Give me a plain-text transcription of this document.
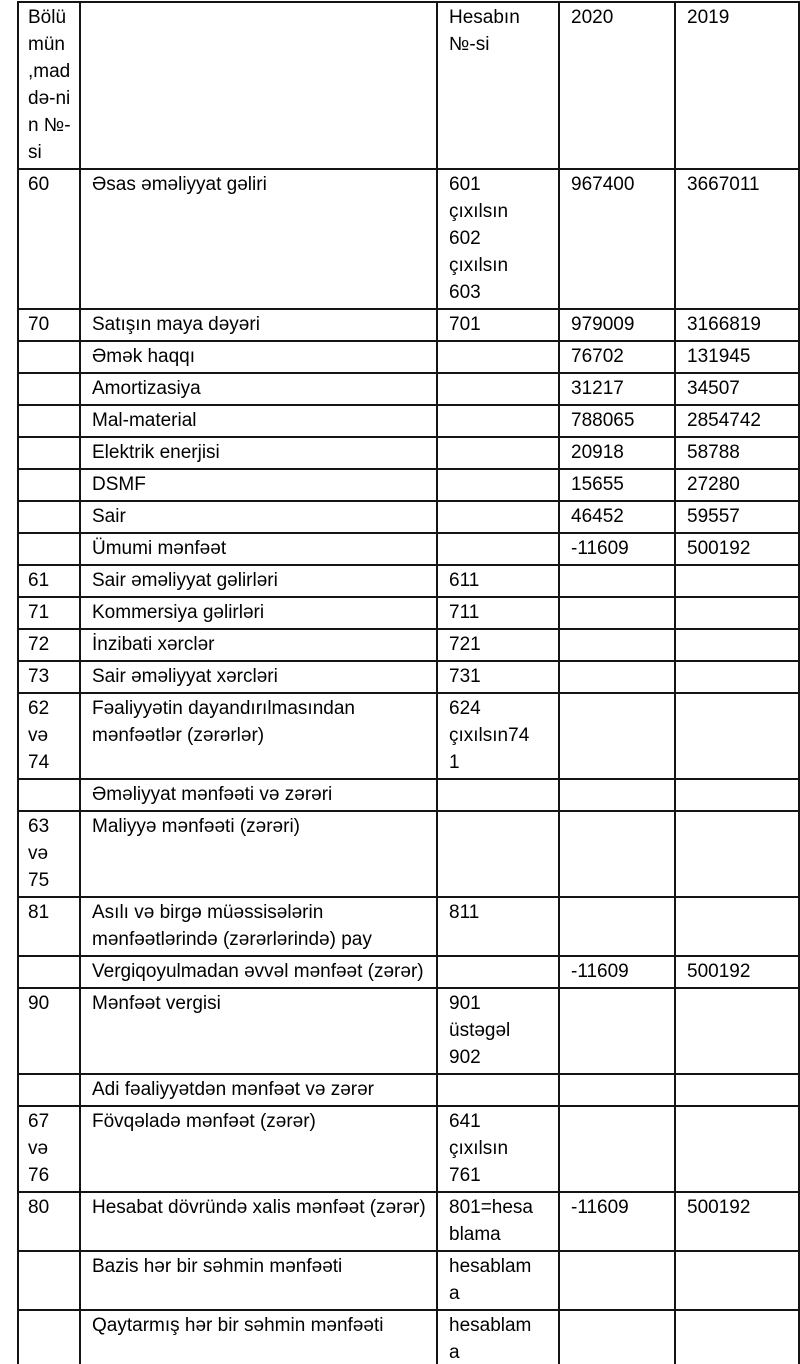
Bölümün ,maddə-nin №-si		Hesabın №-si	2020	2019
60	Əsas əməliyyat gəliri	601 çıxılsın 602 çıxılsın 603	967400	3667011
70	Satışın maya dəyəri	701	979009	3166819
	Əmək haqqı		76702	131945
	Amortizasiya		31217	34507
	Mal-material		788065	2854742
	Elektrik enerjisi		20918	58788
	DSMF		15655	27280
	Sair		46452	59557
	Ümumi mənfəət		-11609	500192
61	Sair əməliyyat gəlirləri	611		
71	Kommersiya gəlirləri	711		
72	İnzibati xərclər	721		
73	Sair əməliyyat xərcləri	731		
62 və 74	Fəaliyyətin dayandırılmasından mənfəətlər (zərərlər)	624 çıxılsın741		
	Əməliyyat mənfəəti və zərəri			
63 və 75	Maliyyə mənfəəti (zərəri)			
81	Asılı və birgə müəssisələrin mənfəətlərində (zərərlərində) pay	811		
	Vergiqoyulmadan əvvəl mənfəət (zərər)		-11609	500192
90	Mənfəət vergisi	901 üstəgəl 902		
	Adi fəaliyyətdən mənfəət və zərər			
67 və 76	Fövqəladə mənfəət (zərər)	641 çıxılsın 761		
80	Hesabat dövründə xalis mənfəət (zərər)	801=hesablama	-11609	500192
	Bazis hər bir səhmin mənfəəti	hesablama		
	Qaytarmış hər bir səhmin mənfəəti	hesablama		
